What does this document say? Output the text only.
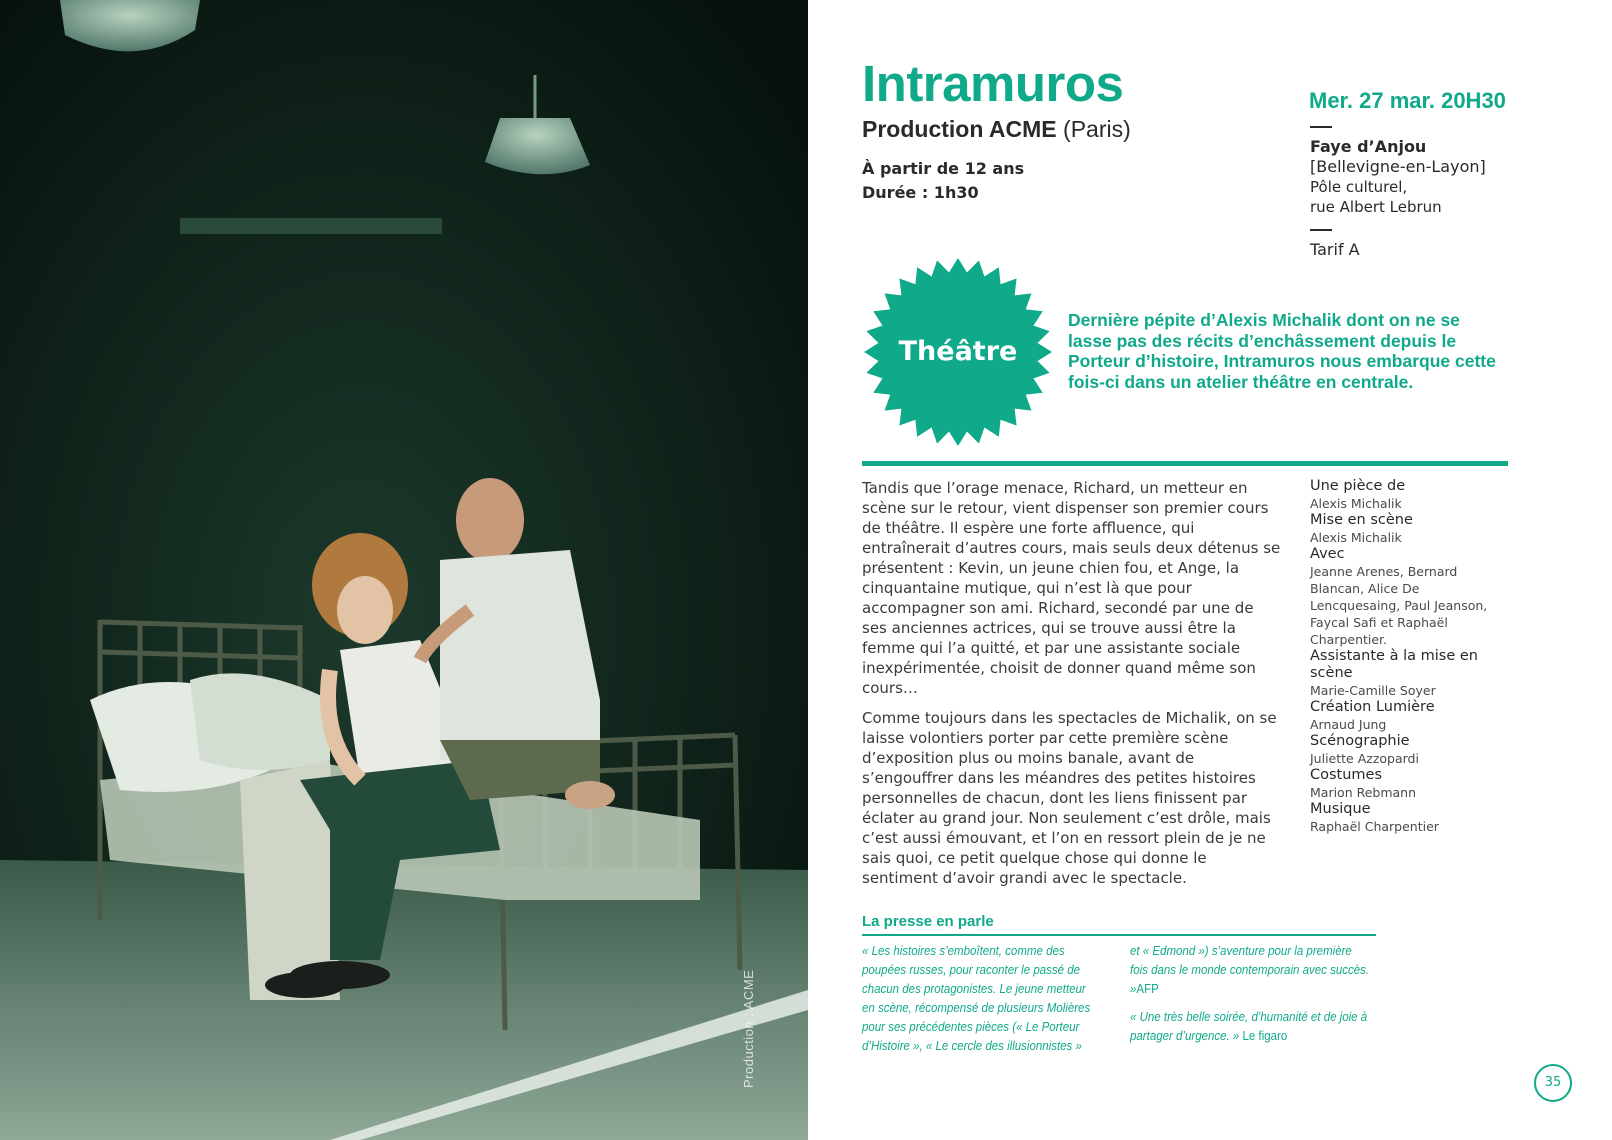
Production : ACME
Intramuros
Production ACME (Paris)
À partir de 12 ans
Durée : 1h30
Mer. 27 mar. 20H30
Faye d’Anjou
[Bellevigne-en-Layon]
Pôle culturel,
rue Albert Lebrun
Tarif A
Théâtre
Dernière pépite d’Alexis Michalik dont on ne se lasse pas des récits d’enchâssement depuis le Porteur d’histoire, Intramuros nous embarque cette fois-ci dans un atelier théâtre en centrale.

Tandis que l’orage menace, Richard, un metteur en scène sur le retour, vient dispenser son premier cours de théâtre. Il espère une forte affluence, qui entraînerait d’autres cours, mais seuls deux détenus se présentent : Kevin, un jeune chien fou, et Ange, la cinquantaine mutique, qui n’est là que pour accompagner son ami. Richard, secondé par une de ses anciennes actrices, qui se trouve aussi être la femme qui l’a quitté, et par une assistante sociale inexpérimentée, choisit de donner quand même son cours…

Comme toujours dans les spectacles de Michalik, on se laisse volontiers porter par cette première scène d’exposition plus ou moins banale, avant de s’engouffrer dans les méandres des petites histoires personnelles de chacun, dont les liens finissent par éclater au grand jour. Non seulement c’est drôle, mais c’est aussi émouvant, et l’on en ressort plein de je ne sais quoi, ce petit quelque chose qui donne le sentiment d’avoir grandi avec le spectacle.

Une pièce de
Alexis Michalik
Mise en scène
Alexis Michalik
Avec
Jeanne Arenes, Bernard Blancan, Alice De Lencquesaing, Paul Jeanson, Faycal Safi et Raphaël Charpentier.
Assistante à la mise en scène
Marie-Camille Soyer
Création Lumière
Arnaud Jung
Scénographie
Juliette Azzopardi
Costumes
Marion Rebmann
Musique
Raphaël Charpentier
La presse en parle

« Les histoires s’emboîtent, comme des poupées russes, pour raconter le passé de chacun des protagonistes. Le jeune metteur en scène, récompensé de plusieurs Molières pour ses précédentes pièces (« Le Porteur d’Histoire », « Le cercle des illusionnistes »

et « Edmond ») s’aventure pour la première fois dans le monde contemporain avec succès. »AFP

« Une très belle soirée, d’humanité et de joie à partager d’urgence. » Le figaro

35
